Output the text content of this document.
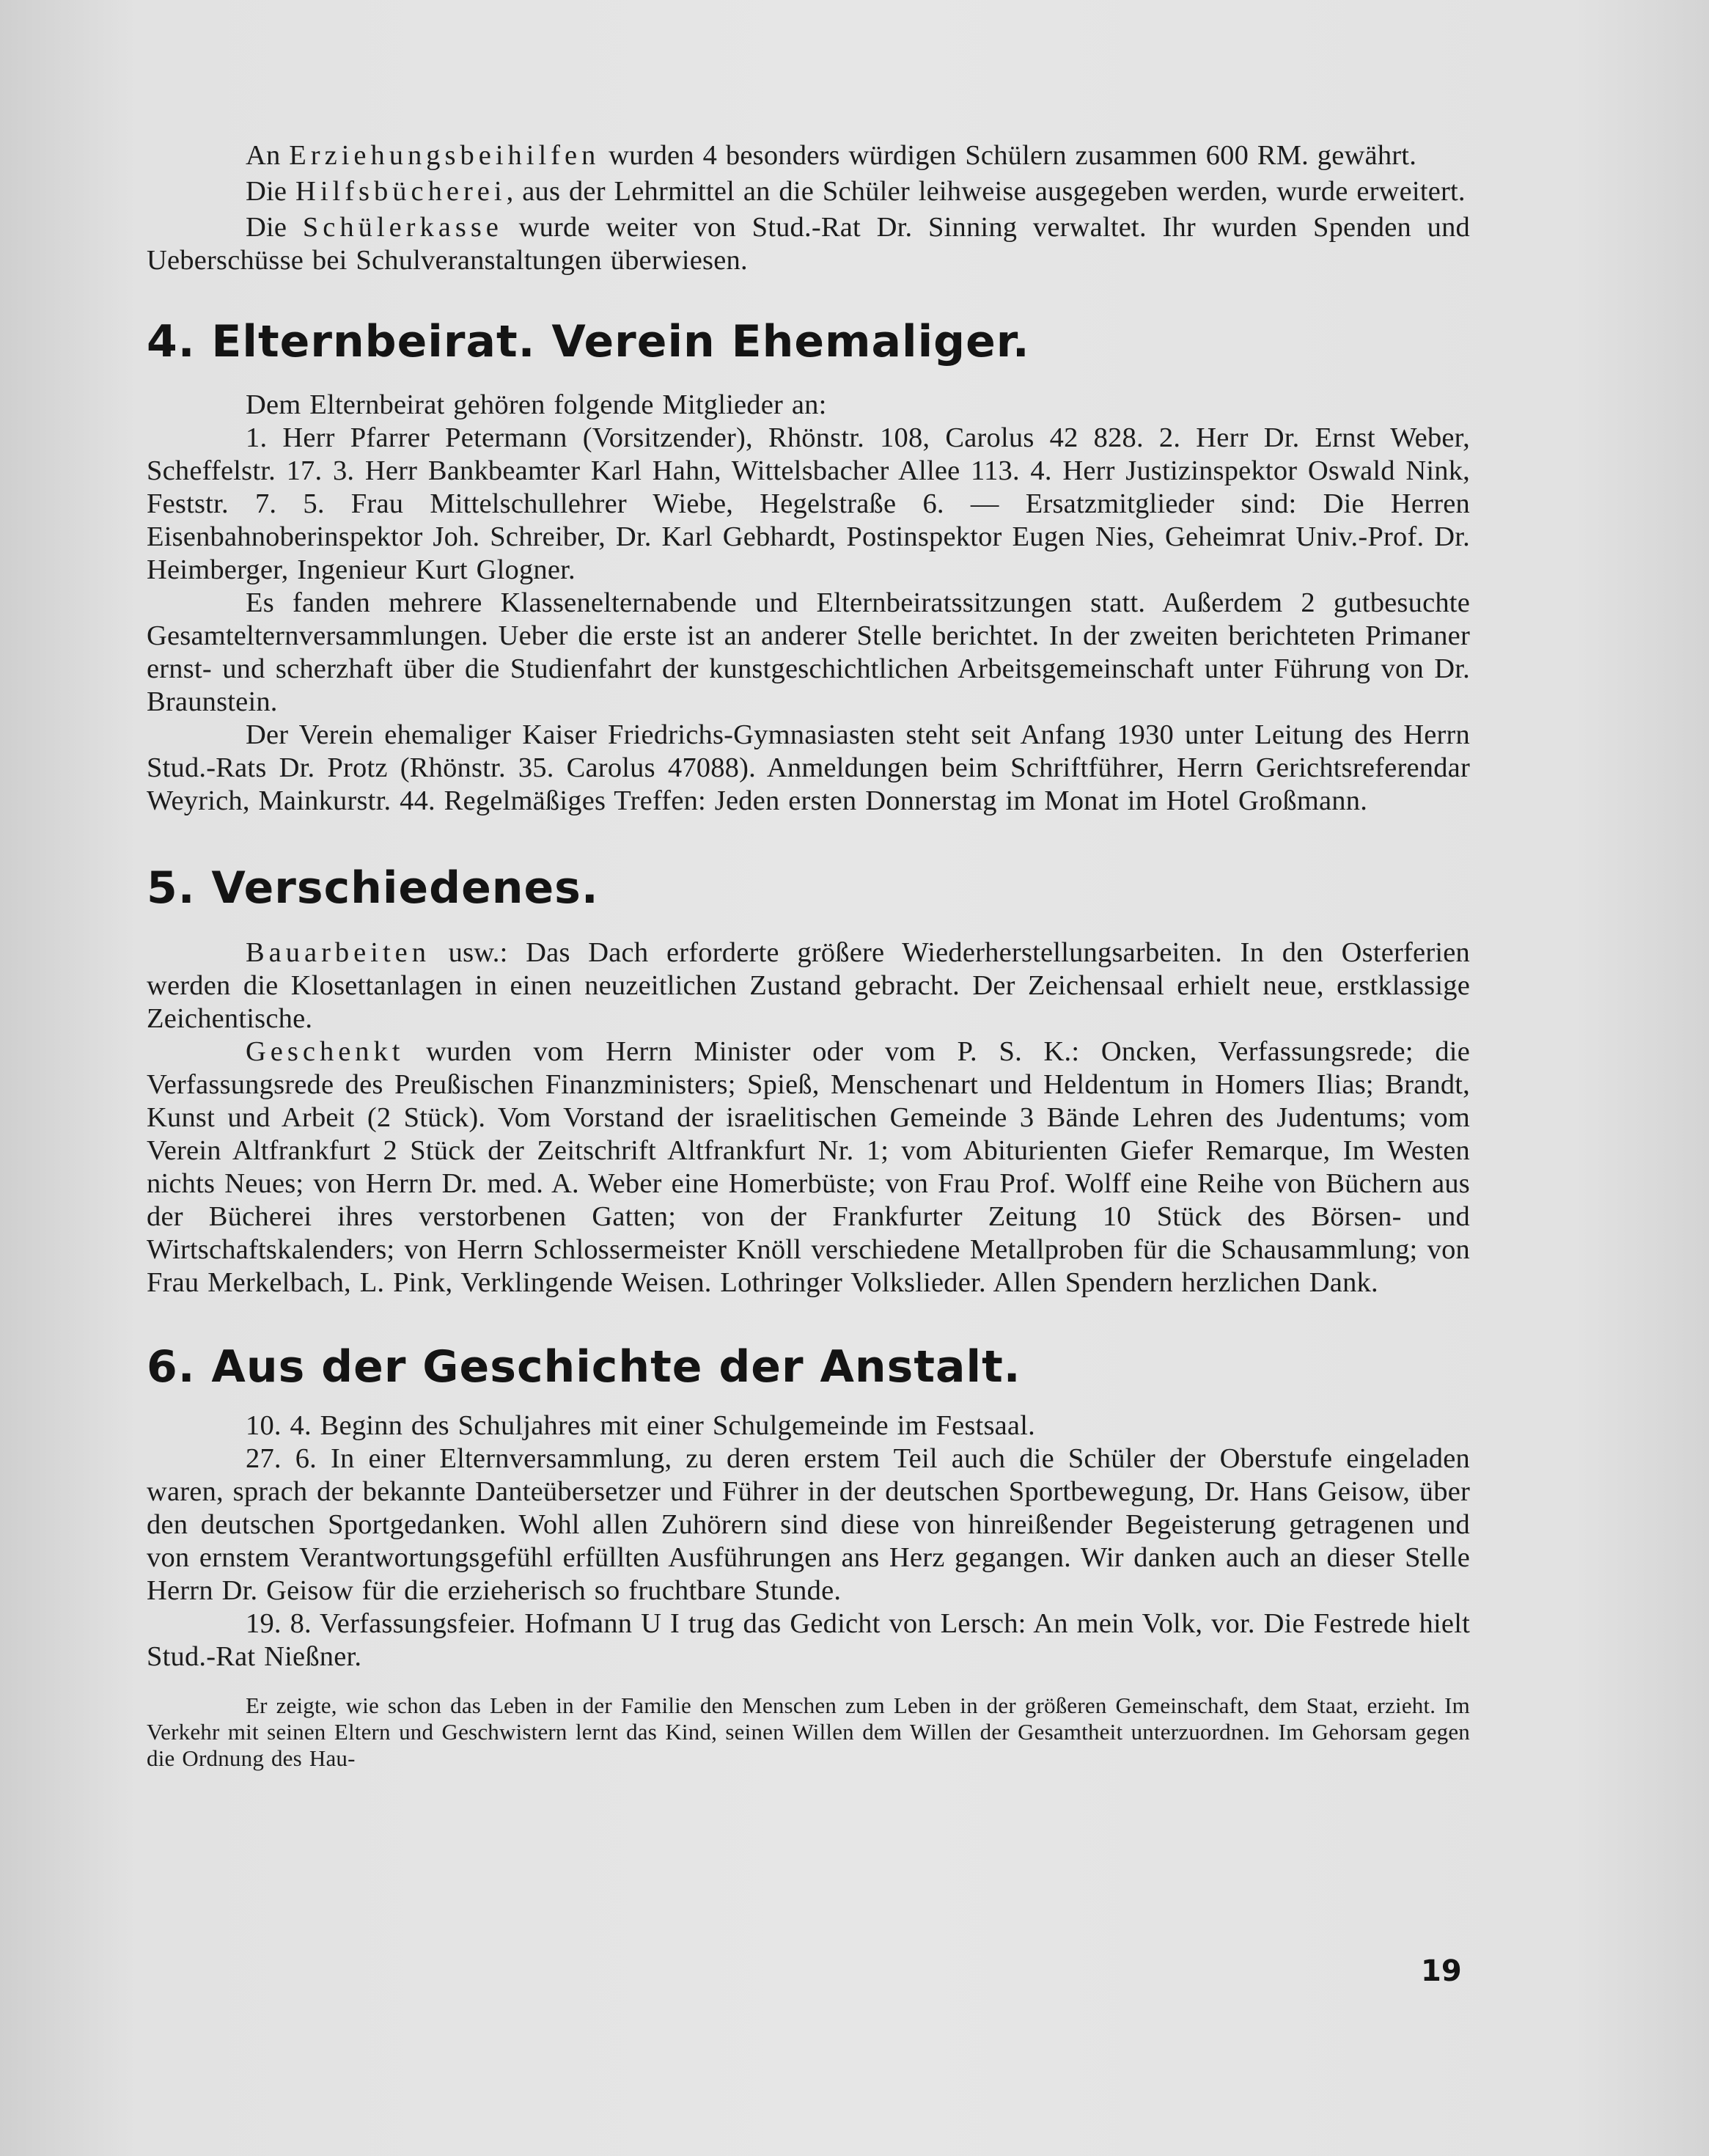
An Erziehungsbeihilfen wurden 4 besonders würdigen Schülern zusammen 600 RM. gewährt.

Die Hilfsbücherei, aus der Lehrmittel an die Schüler leihweise ausgegeben werden, wurde erweitert.

Die Schülerkasse wurde weiter von Stud.-Rat Dr. Sinning verwaltet. Ihr wurden Spenden und Ueberschüsse bei Schulveranstaltungen überwiesen.

4. Elternbeirat. Verein Ehemaliger.

Dem Elternbeirat gehören folgende Mitglieder an:

1. Herr Pfarrer Petermann (Vorsitzender), Rhönstr. 108, Carolus 42 828. 2. Herr Dr. Ernst Weber, Scheffelstr. 17. 3. Herr Bankbeamter Karl Hahn, Wittelsbacher Allee 113. 4. Herr Justizinspektor Oswald Nink, Feststr. 7. 5. Frau Mittelschullehrer Wiebe, Hegelstraße 6. — Ersatzmitglieder sind: Die Herren Eisenbahnoberinspektor Joh. Schreiber, Dr. Karl Gebhardt, Postinspektor Eugen Nies, Geheimrat Univ.-Prof. Dr. Heimberger, Ingenieur Kurt Glogner.

Es fanden mehrere Klassenelternabende und Elternbeiratssitzungen statt. Außerdem 2 gutbesuchte Gesamtelternversammlungen. Ueber die erste ist an anderer Stelle berichtet. In der zweiten berichteten Primaner ernst- und scherzhaft über die Studienfahrt der kunstgeschichtlichen Arbeitsgemeinschaft unter Führung von Dr. Braunstein.

Der Verein ehemaliger Kaiser Friedrichs-Gymnasiasten steht seit Anfang 1930 unter Leitung des Herrn Stud.-Rats Dr. Protz (Rhönstr. 35. Carolus 47088). Anmeldungen beim Schriftführer, Herrn Gerichtsreferendar Weyrich, Mainkurstr. 44. Regelmäßiges Treffen: Jeden ersten Donnerstag im Monat im Hotel Großmann.

5. Verschiedenes.

Bauarbeiten usw.: Das Dach erforderte größere Wiederherstellungsarbeiten. In den Osterferien werden die Klosettanlagen in einen neuzeitlichen Zustand gebracht. Der Zeichensaal erhielt neue, erstklassige Zeichentische.

Geschenkt wurden vom Herrn Minister oder vom P. S. K.: Oncken, Verfassungsrede; die Verfassungsrede des Preußischen Finanzministers; Spieß, Menschenart und Heldentum in Homers Ilias; Brandt, Kunst und Arbeit (2 Stück). Vom Vorstand der israelitischen Gemeinde 3 Bände Lehren des Judentums; vom Verein Altfrankfurt 2 Stück der Zeitschrift Altfrankfurt Nr. 1; vom Abiturienten Giefer Remarque, Im Westen nichts Neues; von Herrn Dr. med. A. Weber eine Homerbüste; von Frau Prof. Wolff eine Reihe von Büchern aus der Bücherei ihres verstorbenen Gatten; von der Frankfurter Zeitung 10 Stück des Börsen- und Wirtschaftskalenders; von Herrn Schlossermeister Knöll verschiedene Metallproben für die Schausammlung; von Frau Merkelbach, L. Pink, Verklingende Weisen. Lothringer Volkslieder. Allen Spendern herzlichen Dank.

6. Aus der Geschichte der Anstalt.

10. 4. Beginn des Schuljahres mit einer Schulgemeinde im Festsaal.

27. 6. In einer Elternversammlung, zu deren erstem Teil auch die Schüler der Oberstufe eingeladen waren, sprach der bekannte Danteübersetzer und Führer in der deutschen Sportbewegung, Dr. Hans Geisow, über den deutschen Sportgedanken. Wohl allen Zuhörern sind diese von hinreißender Begeisterung getragenen und von ernstem Verantwortungsgefühl erfüllten Ausführungen ans Herz gegangen. Wir danken auch an dieser Stelle Herrn Dr. Geisow für die erzieherisch so fruchtbare Stunde.

19. 8. Verfassungsfeier. Hofmann U I trug das Gedicht von Lersch: An mein Volk, vor. Die Festrede hielt Stud.-Rat Nießner.

Er zeigte, wie schon das Leben in der Familie den Menschen zum Leben in der größeren Gemeinschaft, dem Staat, erzieht. Im Verkehr mit seinen Eltern und Geschwistern lernt das Kind, seinen Willen dem Willen der Gesamtheit unterzuordnen. Im Gehorsam gegen die Ordnung des Hau-

19
